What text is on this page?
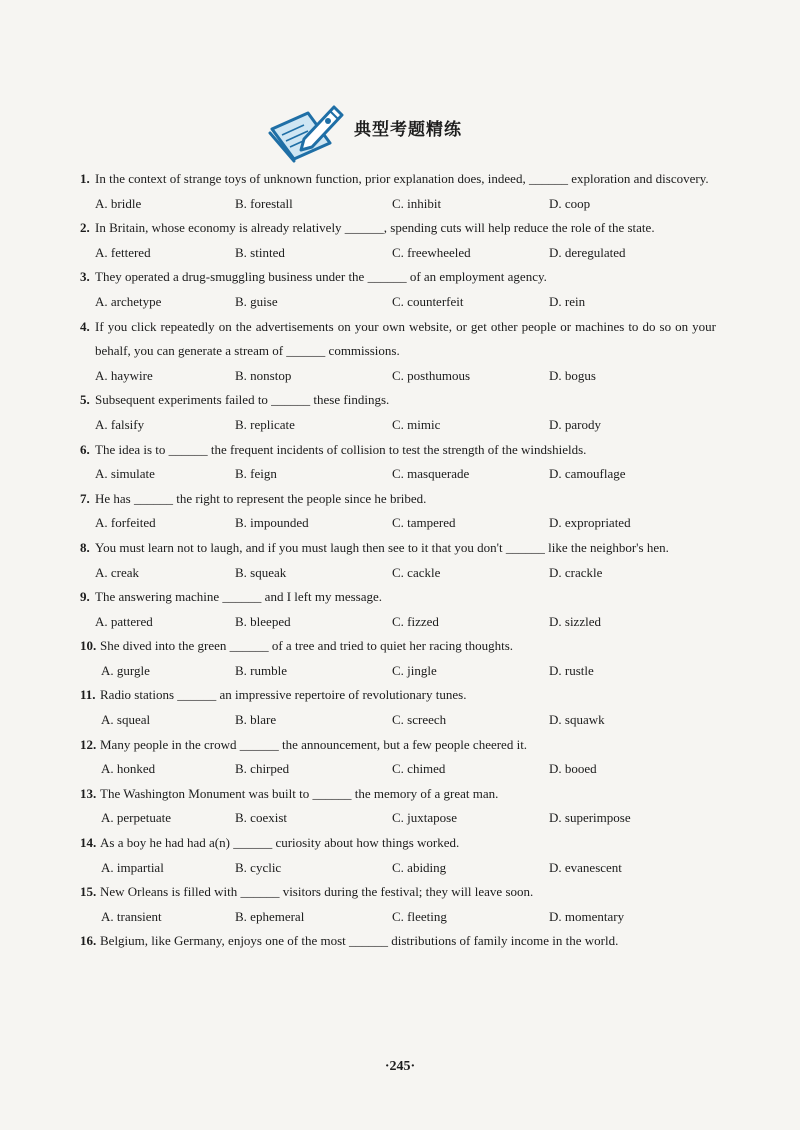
典型考题精练
1. In the context of strange toys of unknown function, prior explanation does, indeed, ______ exploration and discovery.
A. bridle	B. forestall	C. inhibit	D. coop
2. In Britain, whose economy is already relatively ______, spending cuts will help reduce the role of the state.
A. fettered	B. stinted	C. freewheeled	D. deregulated
3. They operated a drug-smuggling business under the ______ of an employment agency.
A. archetype	B. guise	C. counterfeit	D. rein
4. If you click repeatedly on the advertisements on your own website, or get other people or machines to do so on your behalf, you can generate a stream of ______ commissions.
A. haywire	B. nonstop	C. posthumous	D. bogus
5. Subsequent experiments failed to ______ these findings.
A. falsify	B. replicate	C. mimic	D. parody
6. The idea is to ______ the frequent incidents of collision to test the strength of the windshields.
A. simulate	B. feign	C. masquerade	D. camouflage
7. He has ______ the right to represent the people since he bribed.
A. forfeited	B. impounded	C. tampered	D. expropriated
8. You must learn not to laugh, and if you must laugh then see to it that you don't ______ like the neighbor's hen.
A. creak	B. squeak	C. cackle	D. crackle
9. The answering machine ______ and I left my message.
A. pattered	B. bleeped	C. fizzed	D. sizzled
10. She dived into the green ______ of a tree and tried to quiet her racing thoughts.
A. gurgle	B. rumble	C. jingle	D. rustle
11. Radio stations ______ an impressive repertoire of revolutionary tunes.
A. squeal	B. blare	C. screech	D. squawk
12. Many people in the crowd ______ the announcement, but a few people cheered it.
A. honked	B. chirped	C. chimed	D. booed
13. The Washington Monument was built to ______ the memory of a great man.
A. perpetuate	B. coexist	C. juxtapose	D. superimpose
14. As a boy he had had a(n) ______ curiosity about how things worked.
A. impartial	B. cyclic	C. abiding	D. evanescent
15. New Orleans is filled with ______ visitors during the festival; they will leave soon.
A. transient	B. ephemeral	C. fleeting	D. momentary
16. Belgium, like Germany, enjoys one of the most ______ distributions of family income in the world.
·245·
